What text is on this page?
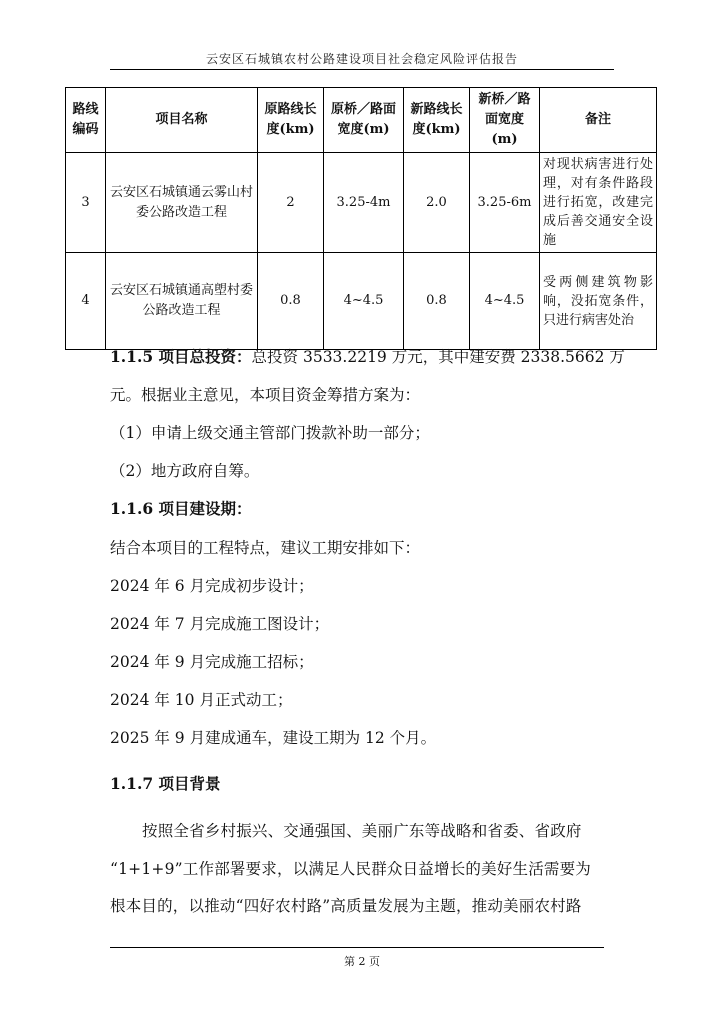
云安区石城镇农村公路建设项目社会稳定风险评估报告
路线编码	项目名称	原路线长度(km)	原桥／路面宽度(m)	新路线长度(km)	新桥／路面宽度(m)	备注
3	云安区石城镇通云雾山村委公路改造工程	2	3.25-4m	2.0	3.25-6m	对现状病害进行处理，对有条件路段进行拓宽，改建完成后善交通安全设施
4	云安区石城镇通高塱村委公路改造工程	0.8	4~4.5	0.8	4~4.5	受两侧建筑物影响，没拓宽条件，只进行病害处治
1.1.5 项目总投资：总投资 3533.2219 万元，其中建安费 2338.5662 万
元。根据业主意见，本项目资金筹措方案为：
（1）申请上级交通主管部门拨款补助一部分；
（2）地方政府自筹。
1.1.6 项目建设期：
结合本项目的工程特点，建议工期安排如下：
2024 年 6 月完成初步设计；
2024 年 7 月完成施工图设计；
2024 年 9 月完成施工招标；
2024 年 10 月正式动工；
2025 年 9 月建成通车，建设工期为 12 个月。
1.1.7 项目背景
按照全省乡村振兴、交通强国、美丽广东等战略和省委、省政府
“1+1+9”工作部署要求，以满足人民群众日益增长的美好生活需要为
根本目的，以推动“四好农村路”高质量发展为主题，推动美丽农村路
第 2 页
